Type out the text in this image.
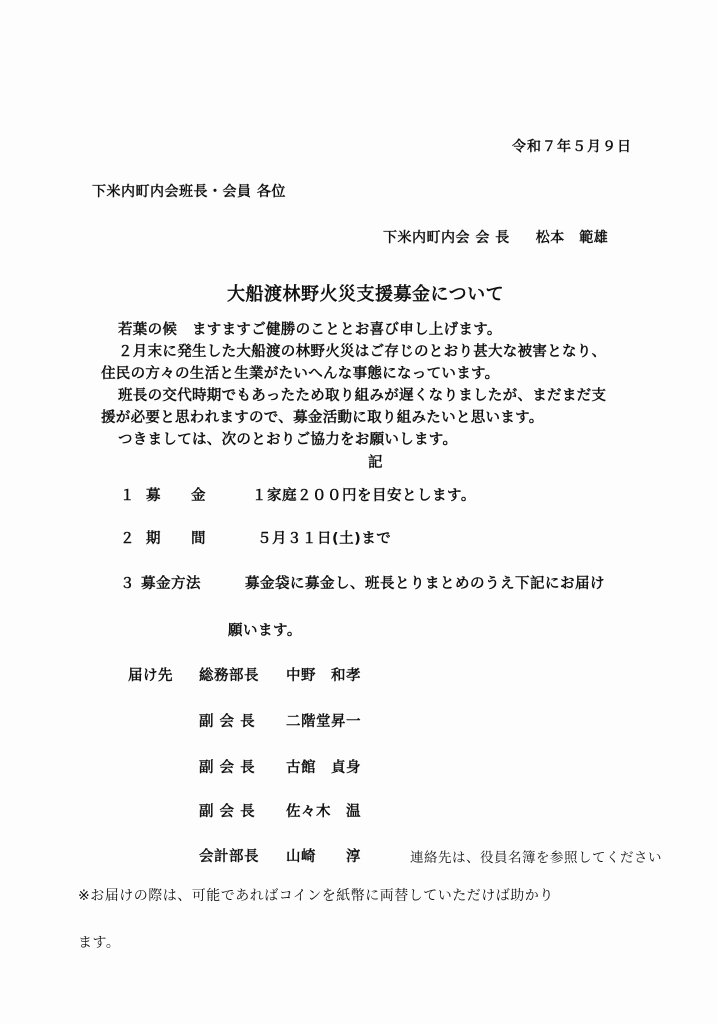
令和７年５月９日
下米内町内会班長・会員 各位
下米内町内会 会 長 松本　範雄
大船渡林野火災支援募金について
若葉の候　ますますご健勝のこととお喜び申し上げます。
２月末に発生した大船渡の林野火災はご存じのとおり甚大な被害となり、
住民の方々の生活と生業がたいへんな事態になっています。
班長の交代時期でもあったため取り組みが遅くなりましたが、まだまだ支
援が必要と思われますので、募金活動に取り組みたいと思います。
つきましては、次のとおりご協力をお願いします。
記
１ 募　　金	１家庭２００円を目安とします。
２ 期　　間	５月３１日(土)まで
３ 募金方法	募金袋に募金し、班長とりまとめのうえ下記にお届け
願います。
届け先 総務部長 中野　和孝
副 会 長 二階堂昇一
副 会 長 古館　貞身
副 会 長 佐々木　温
会計部長 山崎　　淳	連絡先は、役員名簿を参照してください
※お届けの際は、可能であればコインを紙幣に両替していただけば助かり
ます。
